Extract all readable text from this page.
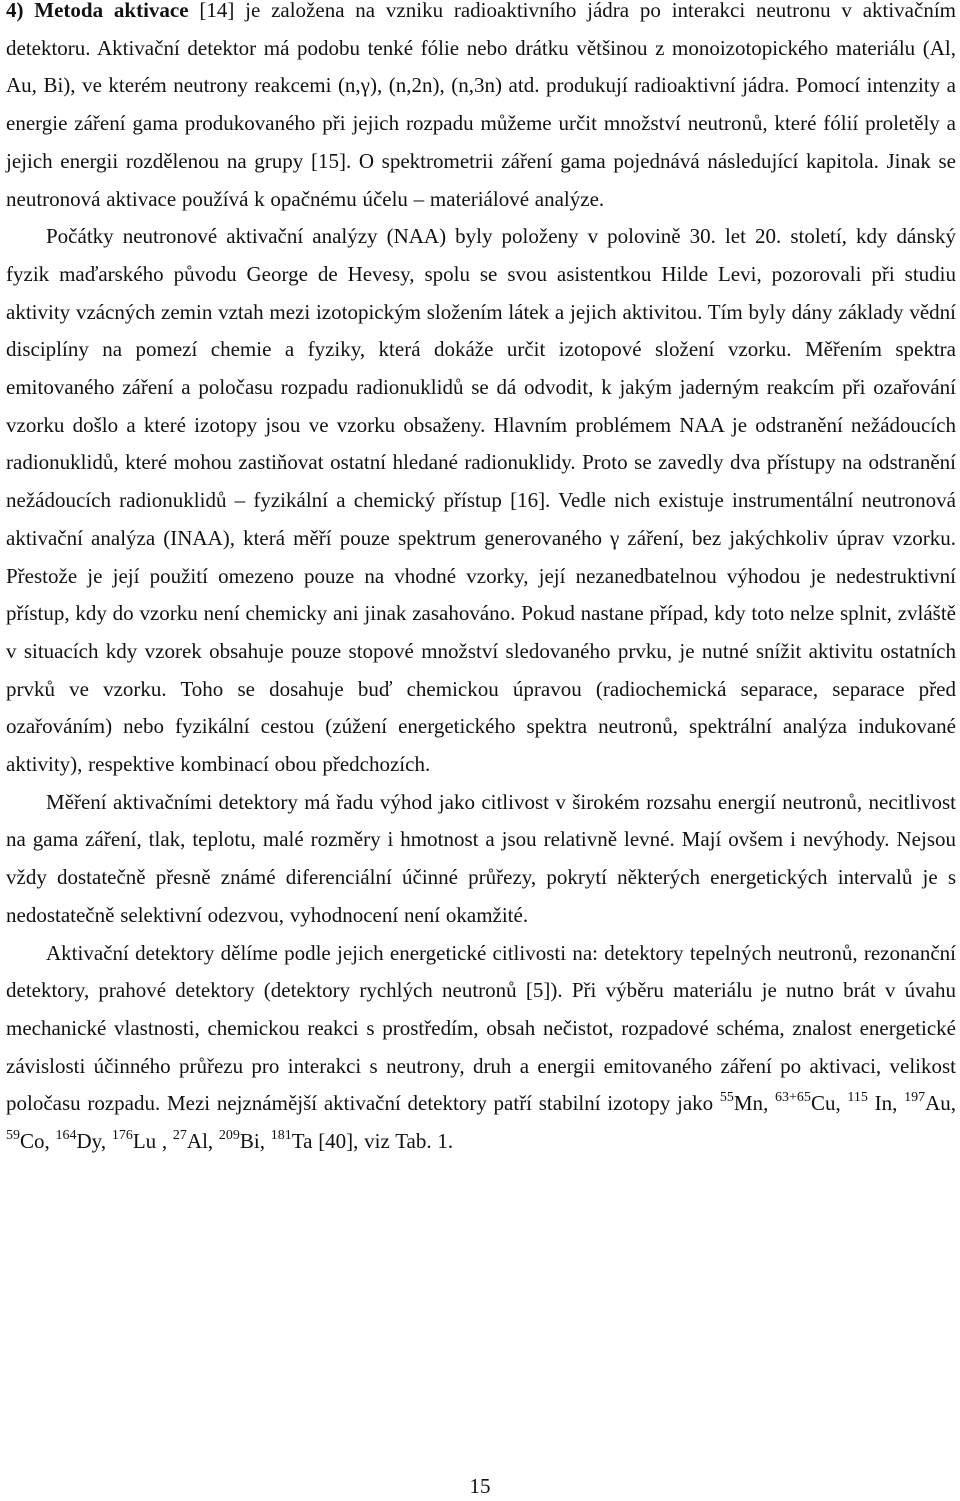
4) Metoda aktivace [14] je založena na vzniku radioaktivního jádra po interakci neutronu v aktivačním detektoru. Aktivační detektor má podobu tenké fólie nebo drátku většinou z monoizotopického materiálu (Al, Au, Bi), ve kterém neutrony reakcemi (n,γ), (n,2n), (n,3n) atd. produkují radioaktivní jádra. Pomocí intenzity a energie záření gama produkovaného při jejich rozpadu můžeme určit množství neutronů, které fólií proletěly a jejich energii rozdělenou na grupy [15]. O spektrometrii záření gama pojednává následující kapitola. Jinak se neutronová aktivace používá k opačnému účelu – materiálové analýze.

Počátky neutronové aktivační analýzy (NAA) byly položeny v polovině 30. let 20. století, kdy dánský fyzik maďarského původu George de Hevesy, spolu se svou asistentkou Hilde Levi, pozorovali při studiu aktivity vzácných zemin vztah mezi izotopickým složením látek a jejich aktivitou. Tím byly dány základy vědní disciplíny na pomezí chemie a fyziky, která dokáže určit izotopové složení vzorku. Měřením spektra emitovaného záření a poločasu rozpadu radionuklidů se dá odvodit, k jakým jaderným reakcím při ozařování vzorku došlo a které izotopy jsou ve vzorku obsaženy. Hlavním problémem NAA je odstranění nežádoucích radionuklidů, které mohou zastiňovat ostatní hledané radionuklidy. Proto se zavedly dva přístupy na odstranění nežádoucích radionuklidů – fyzikální a chemický přístup [16]. Vedle nich existuje instrumentální neutronová aktivační analýza (INAA), která měří pouze spektrum generovaného γ záření, bez jakýchkoliv úprav vzorku. Přestože je její použití omezeno pouze na vhodné vzorky, její nezanedbatelnou výhodou je nedestruktivní přístup, kdy do vzorku není chemicky ani jinak zasahováno. Pokud nastane případ, kdy toto nelze splnit, zvláště v situacích kdy vzorek obsahuje pouze stopové množství sledovaného prvku, je nutné snížit aktivitu ostatních prvků ve vzorku. Toho se dosahuje buď chemickou úpravou (radiochemická separace, separace před ozařováním) nebo fyzikální cestou (zúžení energetického spektra neutronů, spektrální analýza indukované aktivity), respektive kombinací obou předchozích.

Měření aktivačními detektory má řadu výhod jako citlivost v širokém rozsahu energií neutronů, necitlivost na gama záření, tlak, teplotu, malé rozměry i hmotnost a jsou relativně levné. Mají ovšem i nevýhody. Nejsou vždy dostatečně přesně známé diferenciální účinné průřezy, pokrytí některých energetických intervalů je s nedostatečně selektivní odezvou, vyhodnocení není okamžité.

Aktivační detektory dělíme podle jejich energetické citlivosti na: detektory tepelných neutronů, rezonanční detektory, prahové detektory (detektory rychlých neutronů [5]). Při výběru materiálu je nutno brát v úvahu mechanické vlastnosti, chemickou reakci s prostředím, obsah nečistot, rozpadové schéma, znalost energetické závislosti účinného průřezu pro interakci s neutrony, druh a energii emitovaného záření po aktivaci, velikost poločasu rozpadu. Mezi nejznámější aktivační detektory patří stabilní izotopy jako $^{55}$Mn, $^{63+65}$Cu, $^{115}$ In, $^{197}$Au, $^{59}$Co, $^{164}$Dy, $^{176}$Lu , $^{27}$Al, $^{209}$Bi, $^{181}$Ta [40], viz Tab. 1.

15
